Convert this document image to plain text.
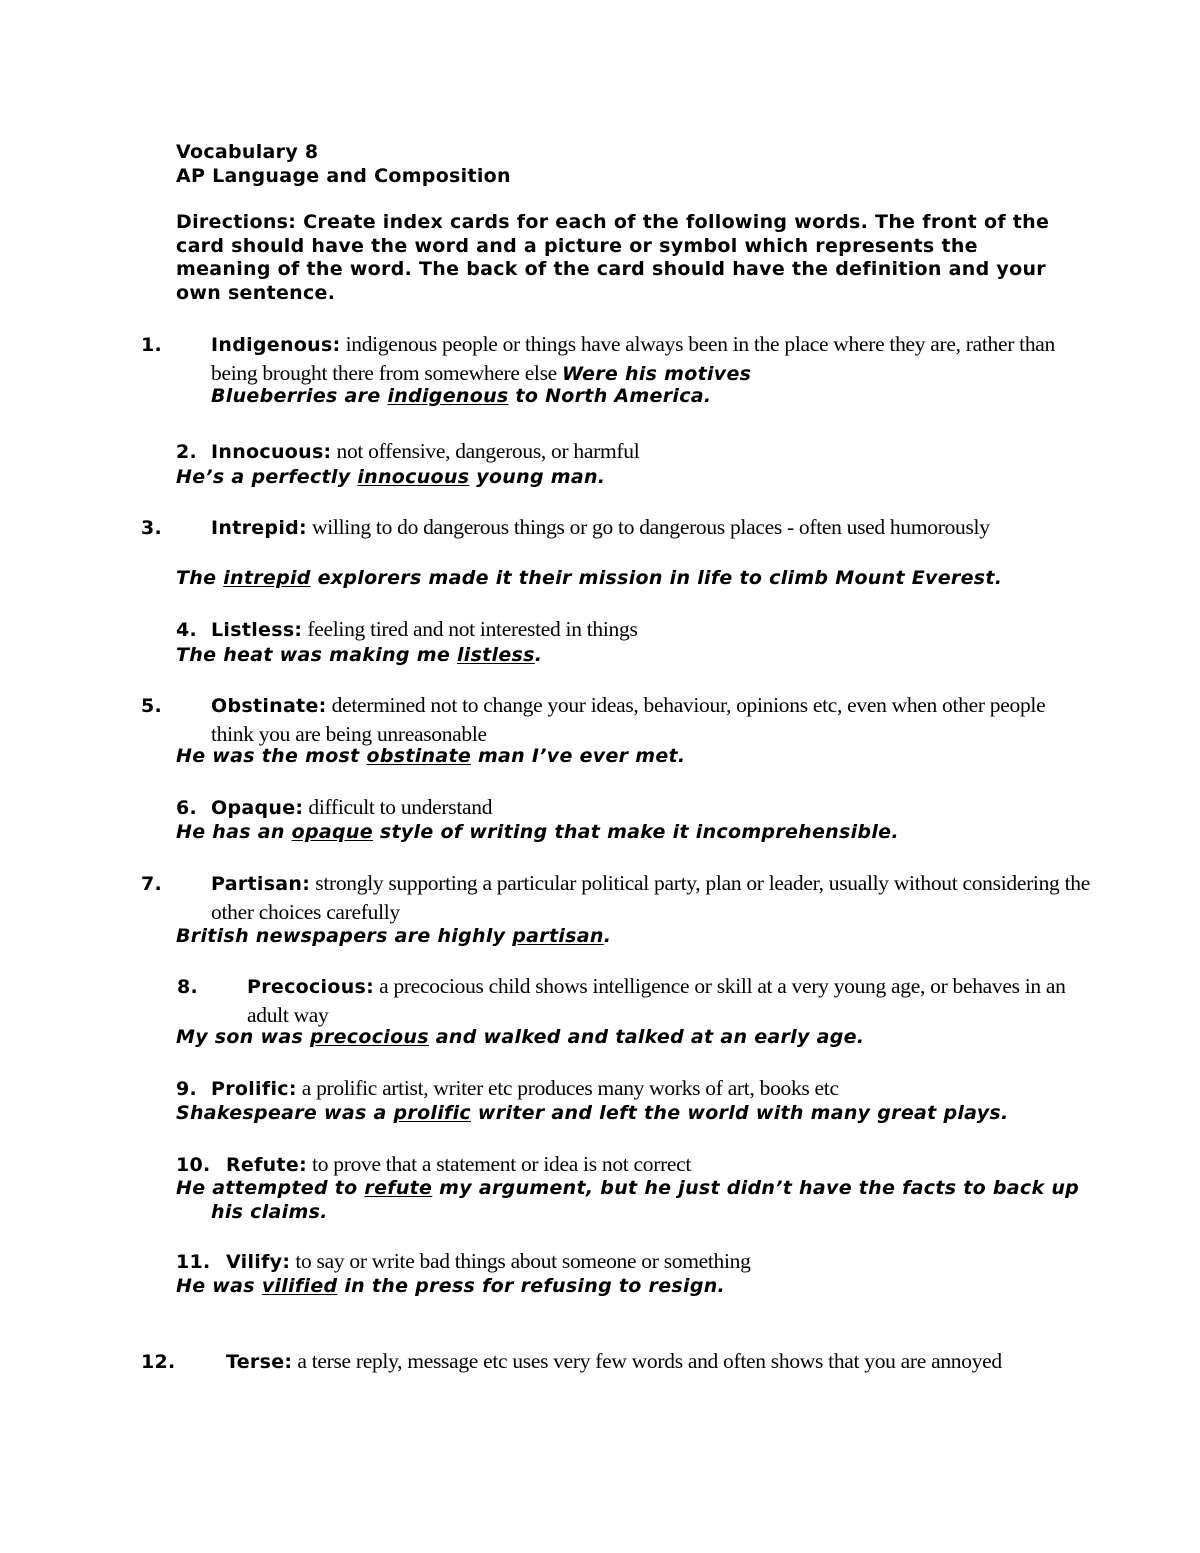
Vocabulary 8
AP Language and Composition

Directions: Create index cards for each of the following words. The front of the card should have the word and a picture or symbol which represents the meaning of the word. The back of the card should have the definition and your own sentence.

1.	Indigenous: indigenous people or things have always been in the place where they are, rather than being brought there from somewhere else Were his motives
Blueberries are indigenous to North America.
2. Innocuous: not offensive, dangerous, or harmful
He’s a perfectly innocuous young man.
3.	Intrepid: willing to do dangerous things or go to dangerous places - often used humorously
The intrepid explorers made it their mission in life to climb Mount Everest.
4. Listless: feeling tired and not interested in things
The heat was making me listless.
5.	Obstinate: determined not to change your ideas, behaviour, opinions etc, even when other people think you are being unreasonable
He was the most obstinate man I’ve ever met.
6. Opaque: difficult to understand
He has an opaque style of writing that make it incomprehensible.
7.	Partisan: strongly supporting a particular political party, plan or leader, usually without considering the other choices carefully
British newspapers are highly partisan.
8.	Precocious: a precocious child shows intelligence or skill at a very young age, or behaves in an adult way
My son was precocious and walked and talked at an early age.
9. Prolific: a prolific artist, writer etc produces many works of art, books etc
Shakespeare was a prolific writer and left the world with many great plays.
10. Refute: to prove that a statement or idea is not correct
He attempted to refute my argument, but he just didn’t have the facts to back up his claims.
11. Vilify: to say or write bad things about someone or something
He was vilified in the press for refusing to resign.
12.	Terse: a terse reply, message etc uses very few words and often shows that you are annoyed
